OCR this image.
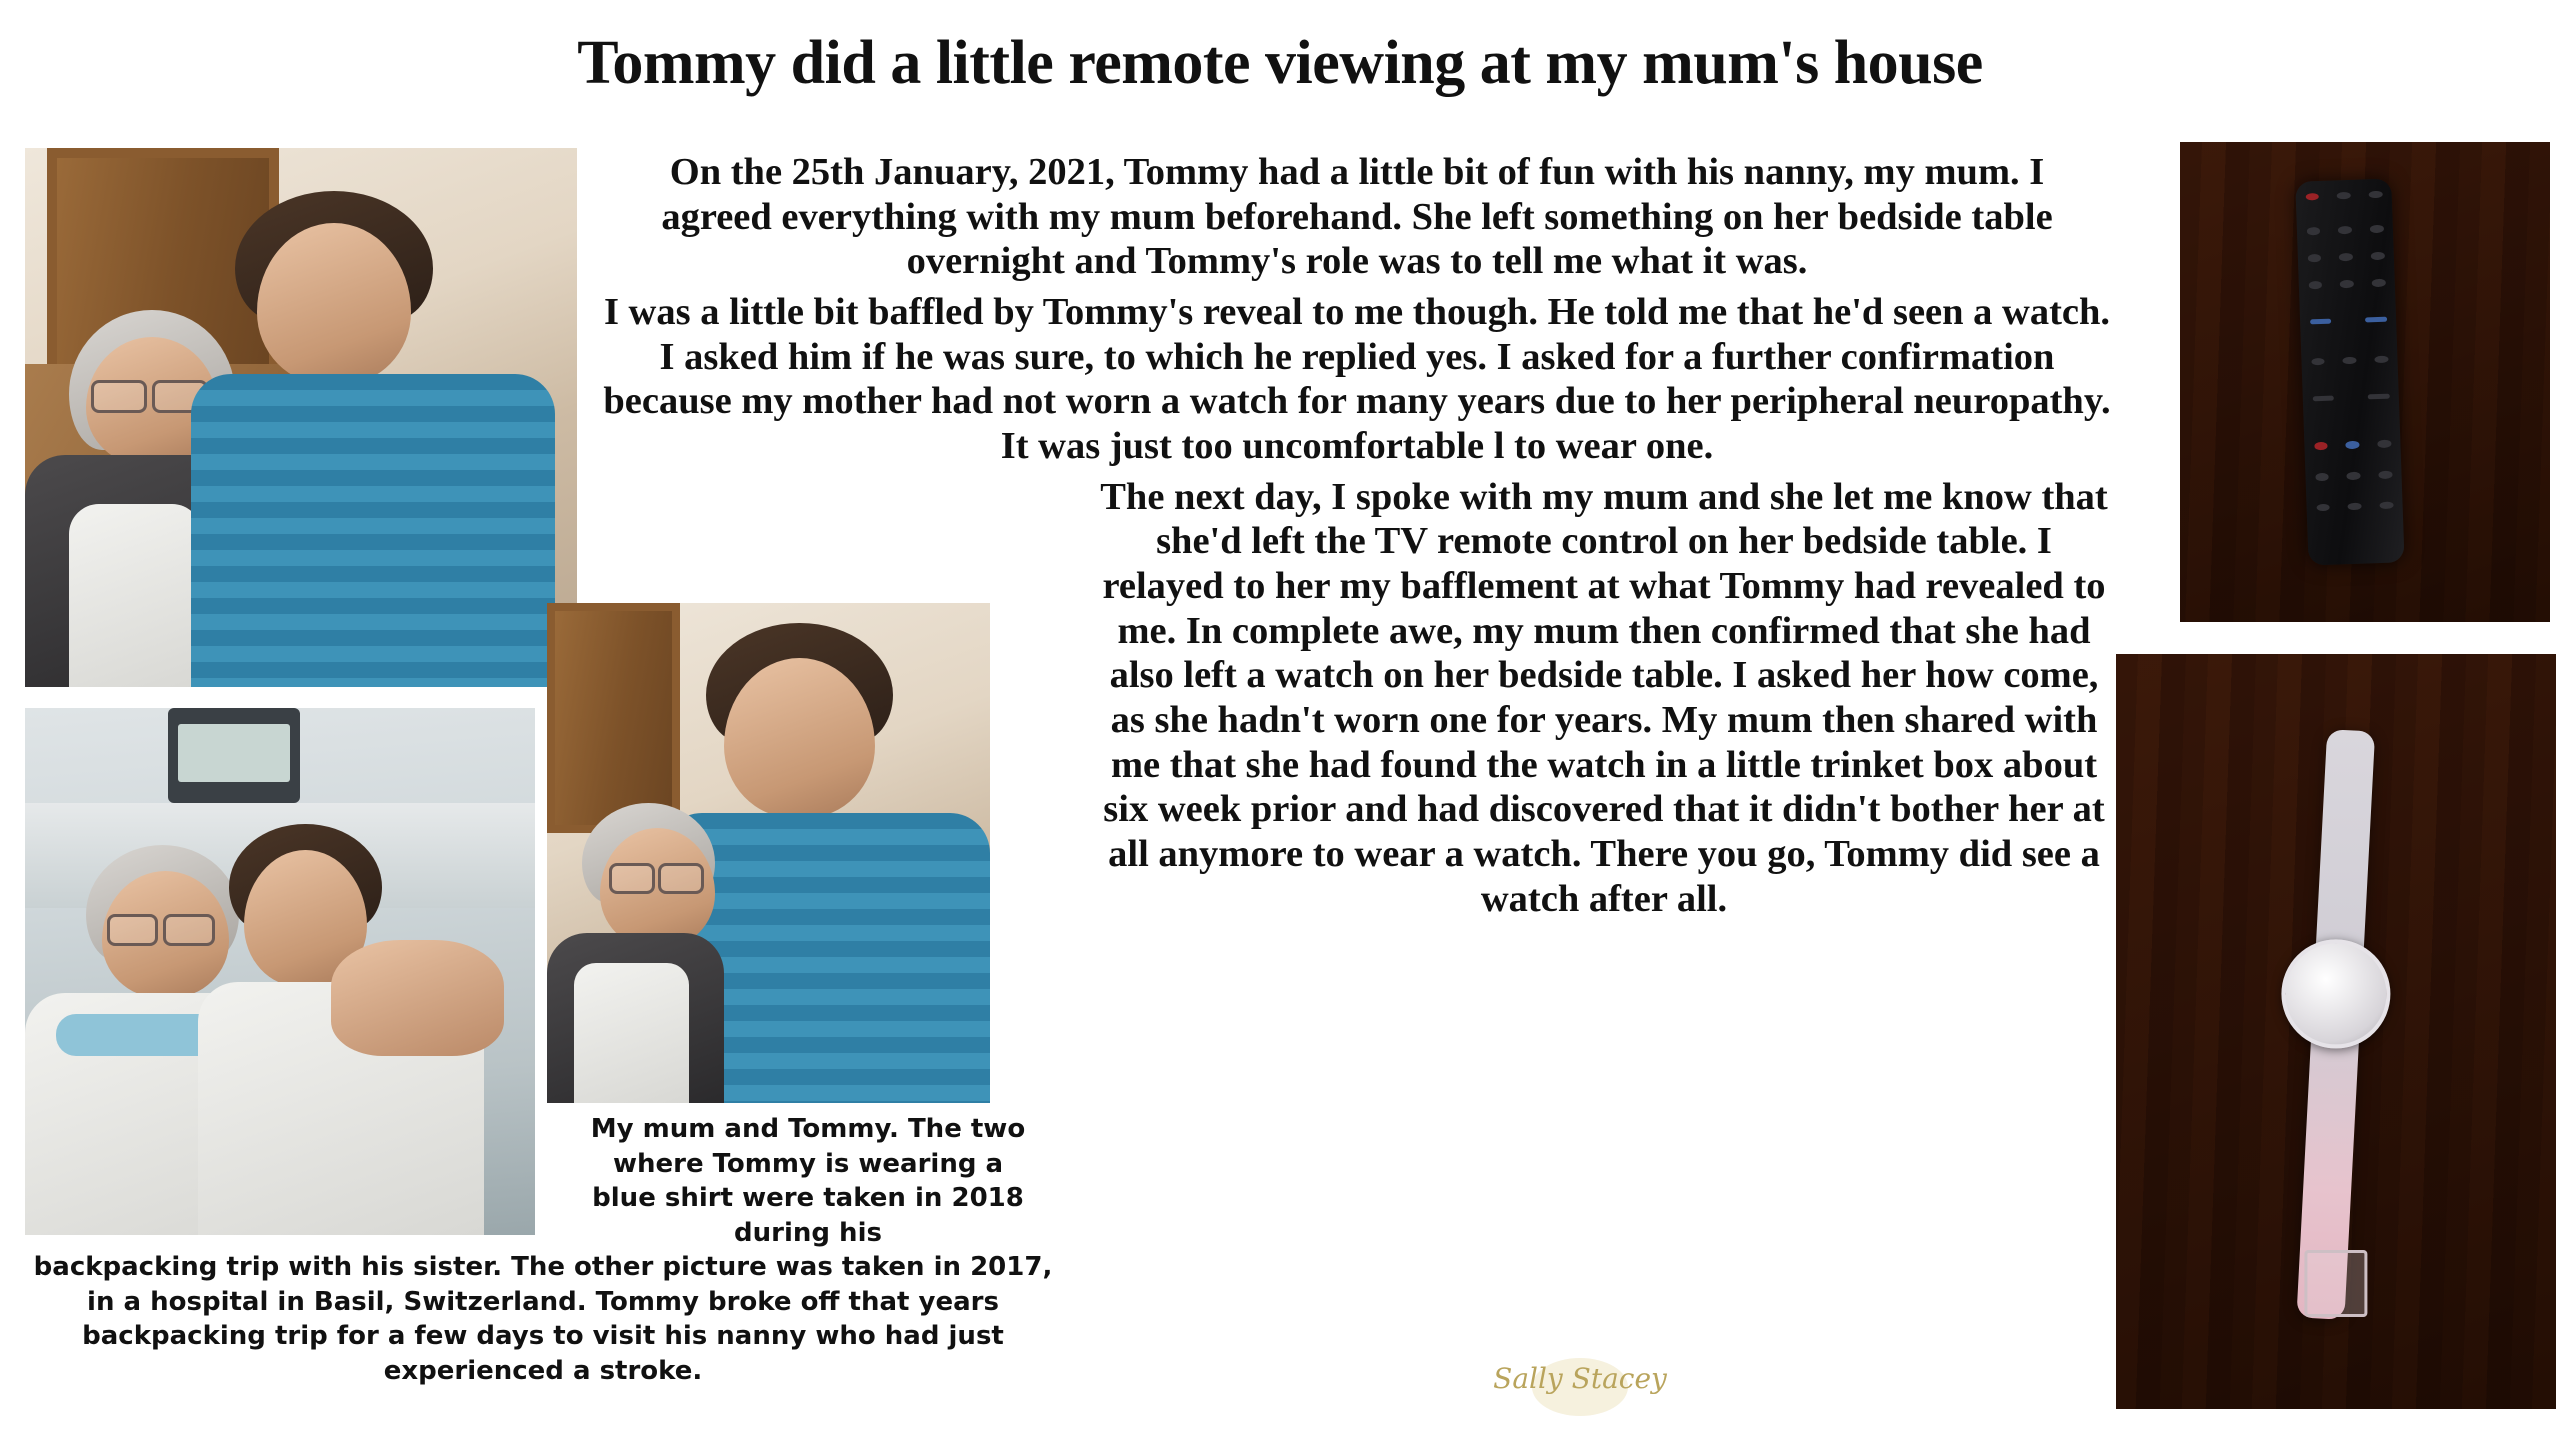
Tommy did a little remote viewing at my mum's house

On the 25th January, 2021, Tommy had a little bit of fun with his nanny, my mum. I agreed everything with my mum beforehand. She left something on her bedside table overnight and Tommy's role was to tell me what it was.

I was a little bit baffled by Tommy's reveal to me though. He told me that he'd seen a watch. I asked him if he was sure, to which he replied yes. I asked for a further confirmation because my mother had not worn a watch for many years due to her peripheral neuropathy. It was just too uncomfortable l to wear one.

The next day, I spoke with my mum and she let me know that she'd left the TV remote control on her bedside table. I relayed to her my bafflement at what Tommy had revealed to me. In complete awe, my mum then confirmed that she had also left a watch on her bedside table. I asked her how come, as she hadn't worn one for years. My mum then shared with me that she had found the watch in a little trinket box about six week prior and had discovered that it didn't bother her at all anymore to wear a watch. There you go, Tommy did see a watch after all.

My mum and Tommy. The two where Tommy is wearing a blue shirt were taken in 2018 during his
backpacking trip with his sister. The other picture was taken in 2017, in a hospital in Basil, Switzerland. Tommy broke off that years backpacking trip for a few days to visit his nanny who had just experienced a stroke.	Sally Stacey
